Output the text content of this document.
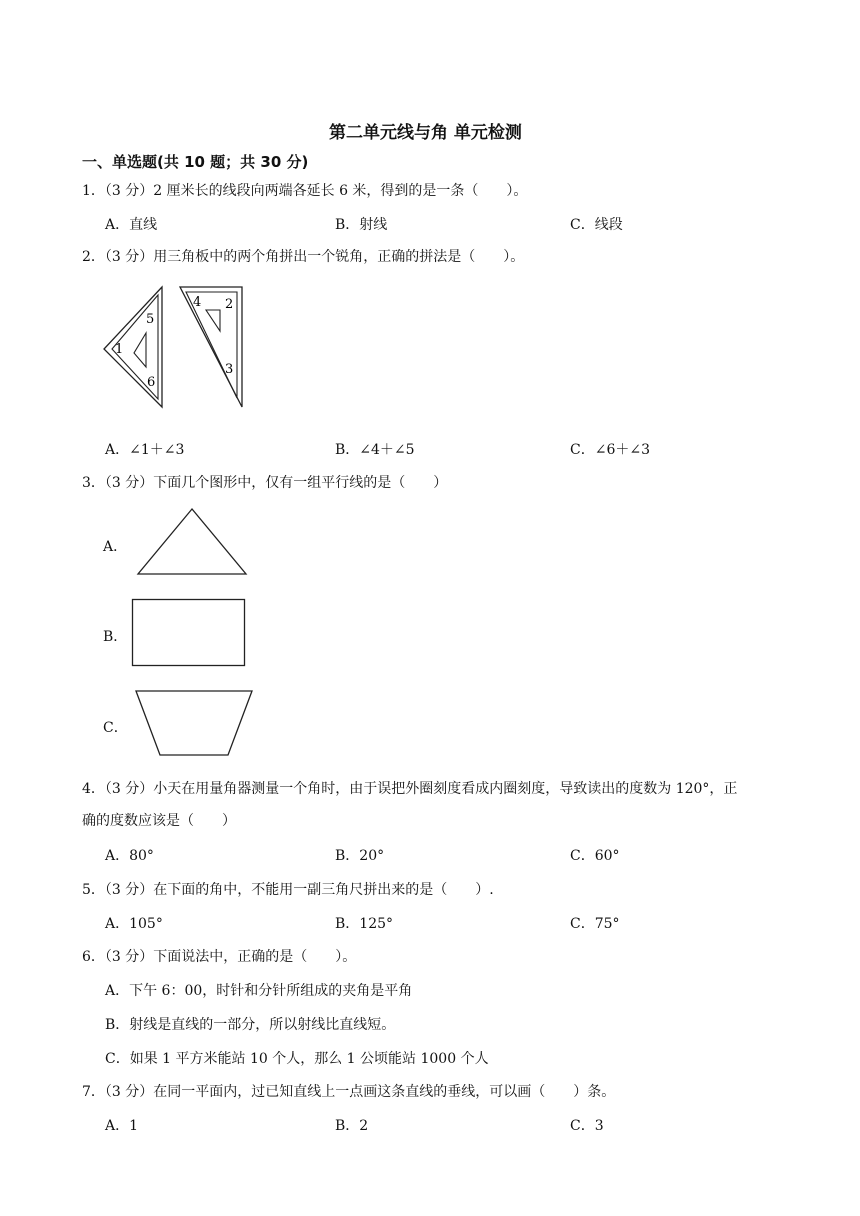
第二单元线与角 单元检测
一、单选题(共 10 题；共 30 分)
1．（3 分）2 厘米长的线段向两端各延长 6 米，得到的是一条（　　）。
A．直线	B．射线	C．线段
2．（3 分）用三角板中的两个角拼出一个锐角，正确的拼法是（　　）。
1
5
6
4 2
3
A．∠1＋∠3	B．∠4＋∠5	C．∠6＋∠3
3．（3 分）下面几个图形中，仅有一组平行线的是（　　）
A．
B．
C．
4．（3 分）小天在用量角器测量一个角时，由于误把外圈刻度看成内圈刻度，导致读出的度数为 120°，正
确的度数应该是（　　）
A．80°	B．20°	C．60°
5．（3 分）在下面的角中，不能用一副三角尺拼出来的是（　　）.
A．105°	B．125°	C．75°
6．（3 分）下面说法中，正确的是（　　）。
A．下午 6：00，时针和分针所组成的夹角是平角
B．射线是直线的一部分，所以射线比直线短。
C．如果 1 平方米能站 10 个人，那么 1 公顷能站 1000 个人
7．（3 分）在同一平面内，过已知直线上一点画这条直线的垂线，可以画（　　）条。
A．1	B．2	C．3
